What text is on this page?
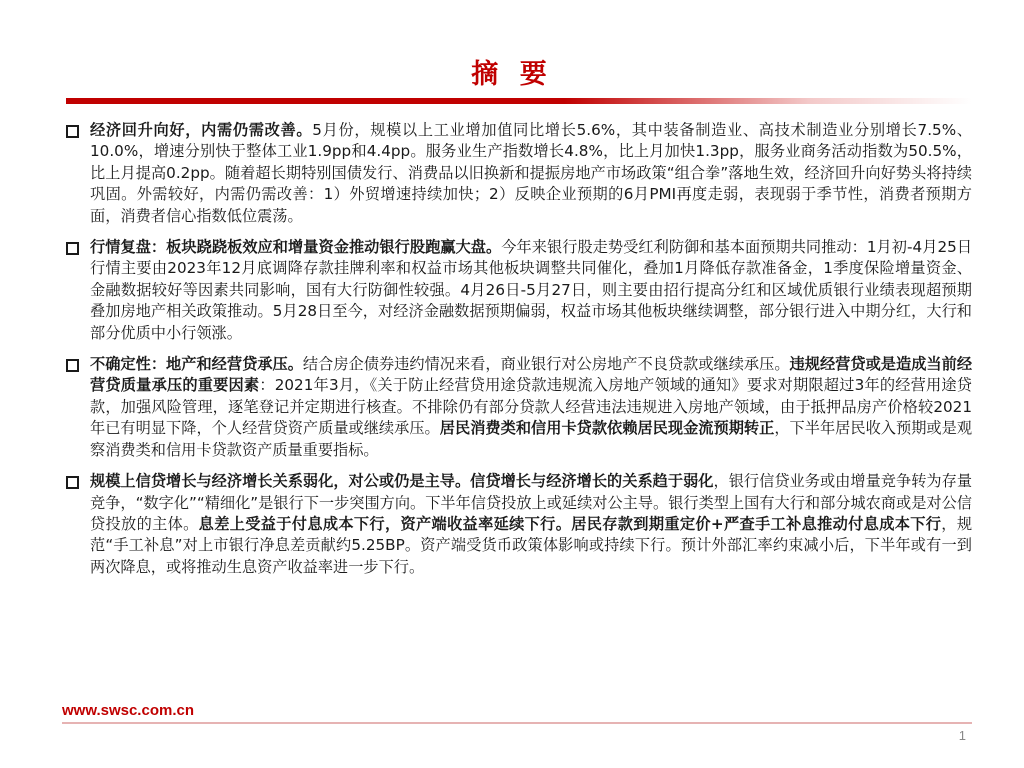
摘 要
经济回升向好，内需仍需改善。5月份，规模以上工业增加值同比增长5.6%，其中装备制造业、高技术制造业分别增长7.5%、10.0%，增速分别快于整体工业1.9pp和4.4pp。服务业生产指数增长4.8%，比上月加快1.3pp，服务业商务活动指数为50.5%，比上月提高0.2pp。随着超长期特别国债发行、消费品以旧换新和提振房地产市场政策“组合拳”落地生效，经济回升向好势头将持续巩固。外需较好，内需仍需改善：1）外贸增速持续加快；2）反映企业预期的6月PMI再度走弱，表现弱于季节性，消费者预期方面，消费者信心指数低位震荡。
行情复盘：板块跷跷板效应和增量资金推动银行股跑赢大盘。今年来银行股走势受红利防御和基本面预期共同推动：1月初-4月25日行情主要由2023年12月底调降存款挂牌利率和权益市场其他板块调整共同催化，叠加1月降低存款准备金，1季度保险增量资金、金融数据较好等因素共同影响，国有大行防御性较强。4月26日-5月27日，则主要由招行提高分红和区域优质银行业绩表现超预期叠加房地产相关政策推动。5月28日至今，对经济金融数据预期偏弱，权益市场其他板块继续调整，部分银行进入中期分红，大行和部分优质中小行领涨。
不确定性：地产和经营贷承压。结合房企债券违约情况来看，商业银行对公房地产不良贷款或继续承压。违规经营贷或是造成当前经营贷质量承压的重要因素：2021年3月，《关于防止经营贷用途贷款违规流入房地产领域的通知》要求对期限超过3年的经营用途贷款，加强风险管理，逐笔登记并定期进行核查。不排除仍有部分贷款人经营违法违规进入房地产领域，由于抵押品房产价格较2021年已有明显下降，个人经营贷资产质量或继续承压。居民消费类和信用卡贷款依赖居民现金流预期转正，下半年居民收入预期或是观察消费类和信用卡贷款资产质量重要指标。
规模上信贷增长与经济增长关系弱化，对公或仍是主导。信贷增长与经济增长的关系趋于弱化，银行信贷业务或由增量竞争转为存量竞争，“数字化”“精细化”是银行下一步突围方向。下半年信贷投放上或延续对公主导。银行类型上国有大行和部分城农商或是对公信贷投放的主体。息差上受益于付息成本下行，资产端收益率延续下行。居民存款到期重定价+严查手工补息推动付息成本下行，规范“手工补息”对上市银行净息差贡献约5.25BP。资产端受货币政策体影响或持续下行。预计外部汇率约束减小后，下半年或有一到两次降息，或将推动生息资产收益率进一步下行。
www.swsc.com.cn
1
